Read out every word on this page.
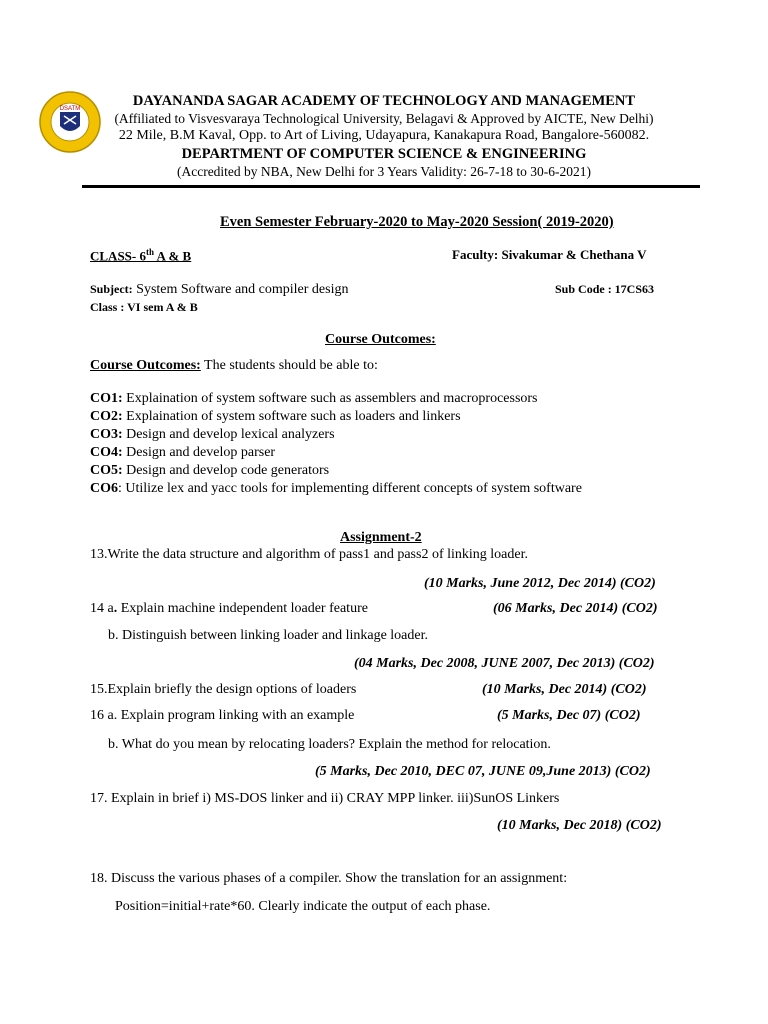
DSATM	DAYANANDA SAGAR ACADEMY OF TECHNOLOGY AND MANAGEMENT
(Affiliated to Visvesvaraya Technological University, Belagavi & Approved by AICTE, New Delhi)
22 Mile, B.M Kaval, Opp. to Art of Living, Udayapura, Kanakapura Road, Bangalore-560082.
DEPARTMENT OF COMPUTER SCIENCE & ENGINEERING
(Accredited by NBA, New Delhi for 3 Years Validity: 26-7-18 to 30-6-2021)
Even Semester February-2020 to May-2020 Session( 2019-2020)
CLASS- 6th A & B	Faculty: Sivakumar & Chethana V
Subject: System Software and compiler design	Sub Code : 17CS63
Class : VI sem A & B
Course Outcomes:
Course Outcomes: The students should be able to:
CO1: Explaination of system software such as assemblers and macroprocessors
CO2: Explaination of system software such as loaders and linkers
CO3: Design and develop lexical analyzers
CO4: Design and develop parser
CO5: Design and develop code generators
CO6: Utilize lex and yacc tools for implementing different concepts of system software
Assignment-2
13.Write the data structure and algorithm of pass1 and pass2 of linking loader.
(10 Marks, June 2012, Dec 2014) (CO2)
14 a. Explain machine independent loader feature	(06 Marks, Dec 2014) (CO2)
b. Distinguish between linking loader and linkage loader.
(04 Marks, Dec 2008, JUNE 2007, Dec 2013) (CO2)
15.Explain briefly the design options of loaders	(10 Marks, Dec 2014) (CO2)
16 a. Explain program linking with an example	(5 Marks, Dec 07) (CO2)
b. What do you mean by relocating loaders? Explain the method for relocation.
(5 Marks, Dec 2010, DEC 07, JUNE 09,June 2013) (CO2)
17. Explain in brief i) MS-DOS linker and ii) CRAY MPP linker. iii)SunOS Linkers
(10 Marks, Dec 2018) (CO2)
18. Discuss the various phases of a compiler. Show the translation for an assignment:
Position=initial+rate*60. Clearly indicate the output of each phase.
